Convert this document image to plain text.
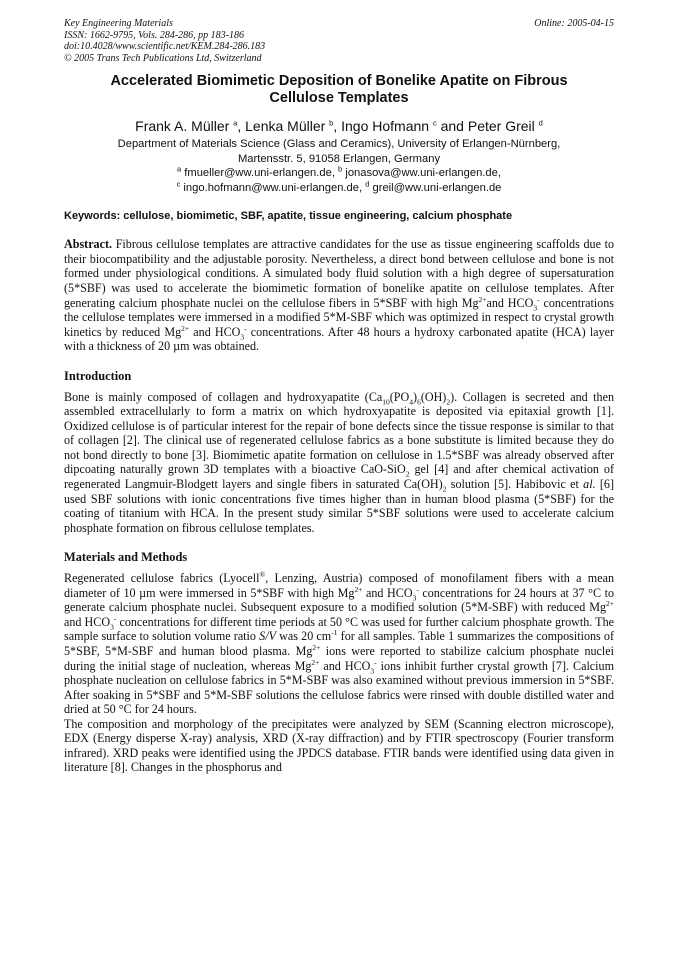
Key Engineering Materials
ISSN: 1662-9795, Vols. 284-286, pp 183-186
doi:10.4028/www.scientific.net/KEM.284-286.183
© 2005 Trans Tech Publications Ltd, Switzerland
Online: 2005-04-15
Accelerated Biomimetic Deposition of Bonelike Apatite on Fibrous
Cellulose Templates
Frank A. Müller $^a$, Lenka Müller $^b$, Ingo Hofmann $^c$ and Peter Greil $^d$
Department of Materials Science (Glass and Ceramics), University of Erlangen-Nürnberg,
Martensstr. 5, 91058 Erlangen, Germany
$^a$ fmueller@ww.uni-erlangen.de, $^b$ jonasova@ww.uni-erlangen.de,
$^c$ ingo.hofmann@ww.uni-erlangen.de, $^d$ greil@ww.uni-erlangen.de
Keywords: cellulose, biomimetic, SBF, apatite, tissue engineering, calcium phosphate
Abstract. Fibrous cellulose templates are attractive candidates for the use as tissue engineering scaffolds due to their biocompatibility and the adjustable porosity. Nevertheless, a direct bond between cellulose and bone is not formed under physiological conditions. A simulated body fluid solution with a high degree of supersaturation (5*SBF) was used to accelerate the biomimetic formation of bonelike apatite on cellulose templates. After generating calcium phosphate nuclei on the cellulose fibers in 5*SBF with high $Mg^{2+}and$ $HCO_3^-$ concentrations the cellulose templates were immersed in a modified 5*M-SBF which was optimized in respect to crystal growth kinetics by reduced $Mg^{2+}$ and $HCO_3^-$ concentrations. After 48 hours a hydroxy carbonated apatite (HCA) layer with a thickness of 20 µm was obtained.
Introduction
Bone is mainly composed of collagen and hydroxyapatite $(Ca_{10}(PO_4)_6(OH)_2)$. Collagen is secreted and then assembled extracellularly to form a matrix on which hydroxyapatite is deposited via epitaxial growth [1]. Oxidized cellulose is of particular interest for the repair of bone defects since the tissue response is similar to that of collagen [2]. The clinical use of regenerated cellulose fabrics as a bone substitute is limited because they do not bond directly to bone [3]. Biomimetic apatite formation on cellulose in 1.5*SBF was already observed after dipcoating naturally grown 3D templates with a bioactive CaO-SiO$_2$ gel [4] and after chemical activation of regenerated Langmuir-Blodgett layers and single fibers in saturated $Ca(OH)_2$ solution [5]. Habibovic et al. [6] used SBF solutions with ionic concentrations five times higher than in human blood plasma (5*SBF) for the coating of titanium with HCA. In the present study similar 5*SBF solutions were used to accelerate calcium phosphate formation on fibrous cellulose templates.
Materials and Methods
Regenerated cellulose fabrics (Lyocell®, Lenzing, Austria) composed of monofilament fibers with a mean diameter of 10 µm were immersed in 5*SBF with high $Mg^{2+}$ and $HCO_3^-$ concentrations for 24 hours at 37 °C to generate calcium phosphate nuclei. Subsequent exposure to a modified solution (5*M-SBF) with reduced $Mg^{2+}$ and $HCO_3^-$ concentrations for different time periods at 50 °C was used for further calcium phosphate growth. The sample surface to solution volume ratio S/V was 20 $cm^{-1}$ for all samples. Table 1 summarizes the compositions of 5*SBF, 5*M-SBF and human blood plasma. $Mg^{2+}$ ions were reported to stabilize calcium phosphate nuclei during the initial stage of nucleation, whereas $Mg^{2+}$ and $HCO_3^-$ ions inhibit further crystal growth [7]. Calcium phosphate nucleation on cellulose fabrics in 5*M-SBF was also examined without previous immersion in 5*SBF. After soaking in 5*SBF and 5*M-SBF solutions the cellulose fabrics were rinsed with double distilled water and dried at 50 °C for 24 hours.
The composition and morphology of the precipitates were analyzed by SEM (Scanning electron microscope), EDX (Energy disperse X-ray) analysis, XRD (X-ray diffraction) and by FTIR spectroscopy (Fourier transform infrared). XRD peaks were identified using the JPDCS database. FTIR bands were identified using data given in literature [8]. Changes in the phosphorus and
